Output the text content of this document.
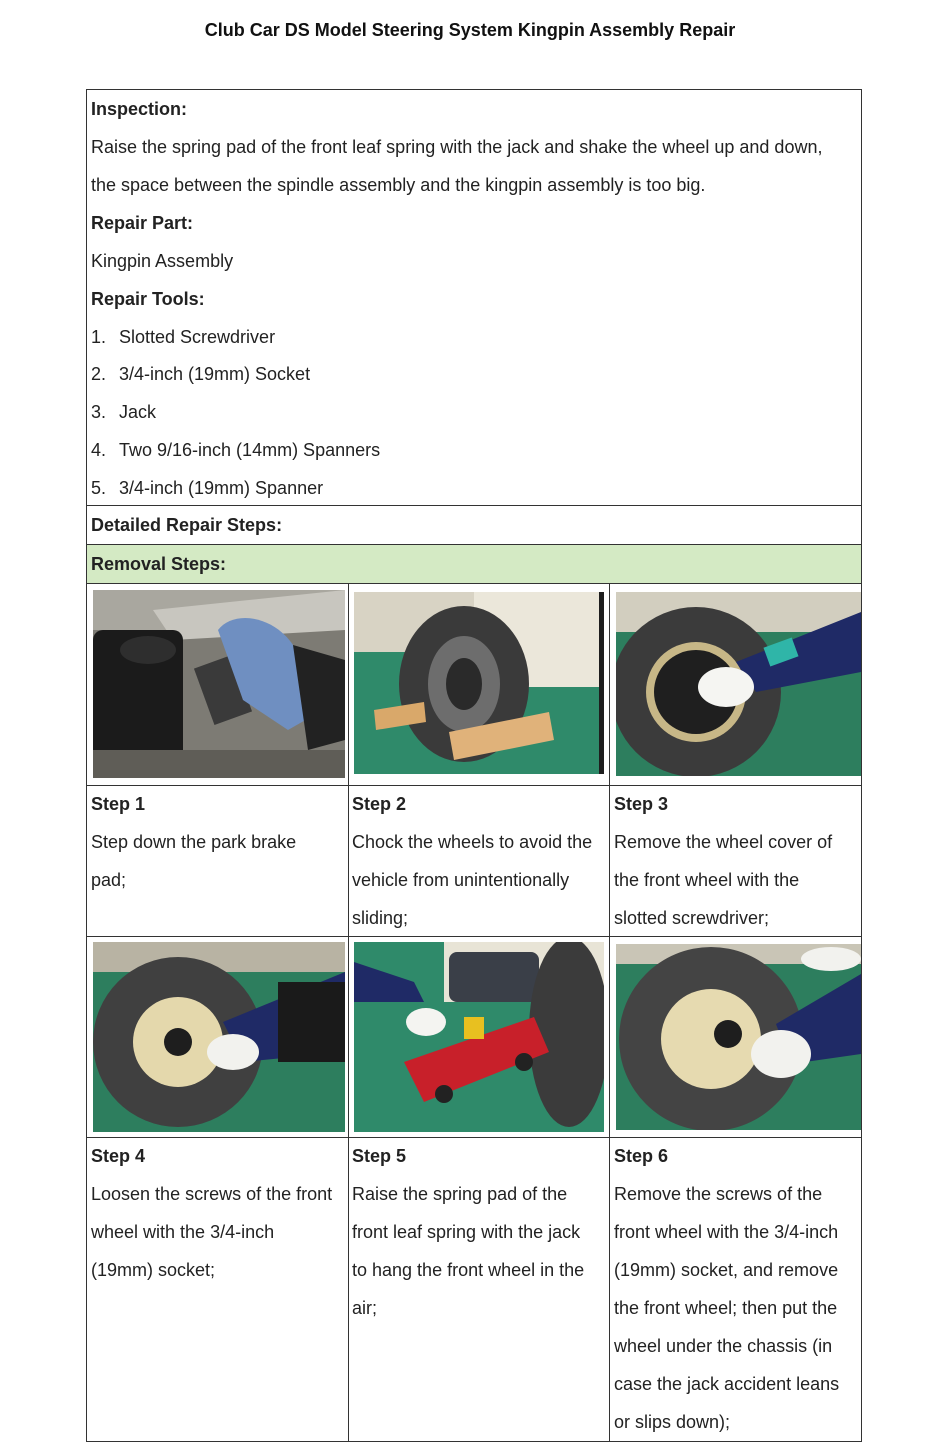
Club Car DS Model Steering System Kingpin Assembly Repair
Inspection:
Raise the spring pad of the front leaf spring with the jack and shake the wheel up and down,
the space between the spindle assembly and the kingpin assembly is too big.
Repair Part:
Kingpin Assembly
Repair Tools:
1. Slotted Screwdriver
2. 3/4-inch (19mm) Socket
3. Jack
4. Two 9/16-inch (14mm) Spanners
5. 3/4-inch (19mm) Spanner
Detailed Repair Steps:
Removal Steps:
Step 1
Step down the park brake
pad;
Step 2
Chock the wheels to avoid the
vehicle from unintentionally
sliding;
Step 3
Remove the wheel cover of
the front wheel with the
slotted screwdriver;
Step 4
Loosen the screws of the front
wheel with the 3/4-inch
(19mm) socket;
Step 5
Raise the spring pad of the
front leaf spring with the jack
to hang the front wheel in the
air;
Step 6
Remove the screws of the
front wheel with the 3/4-inch
(19mm) socket, and remove
the front wheel; then put the
wheel under the chassis (in
case the jack accident leans
or slips down);
